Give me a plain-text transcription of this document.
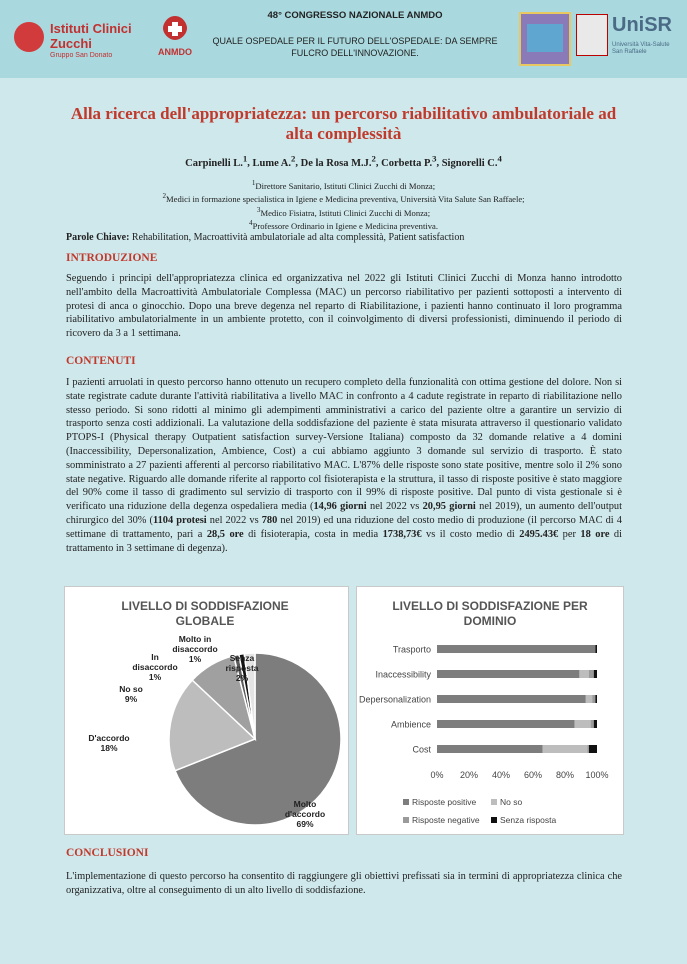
Istituti Clinici
Zucchi
Gruppo San Donato	ANMDO
48° CONGRESSO NAZIONALE ANMDO
QUALE OSPEDALE PER IL FUTURO DELL'OSPEDALE: DA SEMPRE FULCRO DELL'INNOVAZIONE.
UniSR
Università Vita-Salute San Raffaele
Alla ricerca dell'appropriatezza: un percorso riabilitativo ambulatoriale ad alta complessità
Carpinelli L.$^1$, Lume A.$^2$, De la Rosa M.J.$^2$, Corbetta P.$^3$, Signorelli C.$^4$
$^1$Direttore Sanitario, Istituti Clinici Zucchi di Monza;
$^2$Medici in formazione specialistica in Igiene e Medicina preventiva, Università Vita Salute San Raffaele;
$^3$Medico Fisiatra, Istituti Clinici Zucchi di Monza;
$^4$Professore Ordinario in Igiene e Medicina preventiva.
Parole Chiave: Rehabilitation, Macroattività ambulatoriale ad alta complessità, Patient satisfaction
INTRODUZIONE
Seguendo i principi dell'appropriatezza clinica ed organizzativa nel 2022 gli Istituti Clinici Zucchi di Monza hanno introdotto nell'ambito della Macroattività Ambulatoriale Complessa (MAC) un percorso riabilitativo per pazienti sottoposti a intervento di protesi di anca o ginocchio. Dopo una breve degenza nel reparto di Riabilitazione, i pazienti hanno continuato il loro programma riabilitativo ambulatorialmente in un ambiente protetto, con il coinvolgimento di diversi professionisti, diminuendo il periodo di ricovero da 3 a 1 settimana.
CONTENUTI
I pazienti arruolati in questo percorso hanno ottenuto un recupero completo della funzionalità con ottima gestione del dolore. Non si state registrate cadute durante l'attività riabilitativa a livello MAC in confronto a 4 cadute registrate in reparto di riabilitazione nello stesso periodo. Si sono ridotti al minimo gli adempimenti amministrativi a carico del paziente oltre a garantire un servizio di trasporto senza costi addizionali. La valutazione della soddisfazione del paziente è stata misurata attraverso il questionario validato PTOPS-I (Physical therapy Outpatient satisfaction survey-Versione Italiana) composto da 32 domande relative a 4 domini (Inaccessibility, Depersonalization, Ambience, Cost) a cui abbiamo aggiunto 3 domande sul servizio di trasporto. È stato somministrato a 27 pazienti afferenti al percorso riabilitativo MAC. L'87% delle risposte sono state positive, mentre solo il 2% sono state negative. Riguardo alle domande riferite al rapporto col fisioterapista e la struttura, il tasso di risposte positive è stato maggiore del 90% come il tasso di gradimento sul servizio di trasporto con il 99% di risposte positive. Dal punto di vista gestionale si è verificato una riduzione della degenza ospedaliera media (14,96 giorni nel 2022 vs 20,95 giorni nel 2019), un aumento dell'output chirurgico del 30% (1104 protesi nel 2022 vs 780 nel 2019) ed una riduzione del costo medio di produzione (il percorso MAC di 4 settimane di trattamento, pari a 28,5 ore di fisioterapia, costa in media 1738,73€ vs il costo medio di 2495.43€ per 18 ore di trattamento in 3 settimane di degenza).
LIVELLO DI SODDISFAZIONE GLOBALE
Molto
d'accordo
69%
D'accordo
18%
No so
9%
In
disaccordo
1%
Molto in
disaccordo
1%	Senza
risposta
2%
LIVELLO DI SODDISFAZIONE PER DOMINIO
Trasporto
Inaccessibility
Depersonalization
Ambience
Cost
0% 20% 40% 60% 80% 100%
Risposte positive	No so
Risposte negative Senza risposta
CONCLUSIONI
L'implementazione di questo percorso ha consentito di raggiungere gli obiettivi prefissati sia in termini di appropriatezza clinica che organizzativa, oltre al conseguimento di un alto livello di soddisfazione.
